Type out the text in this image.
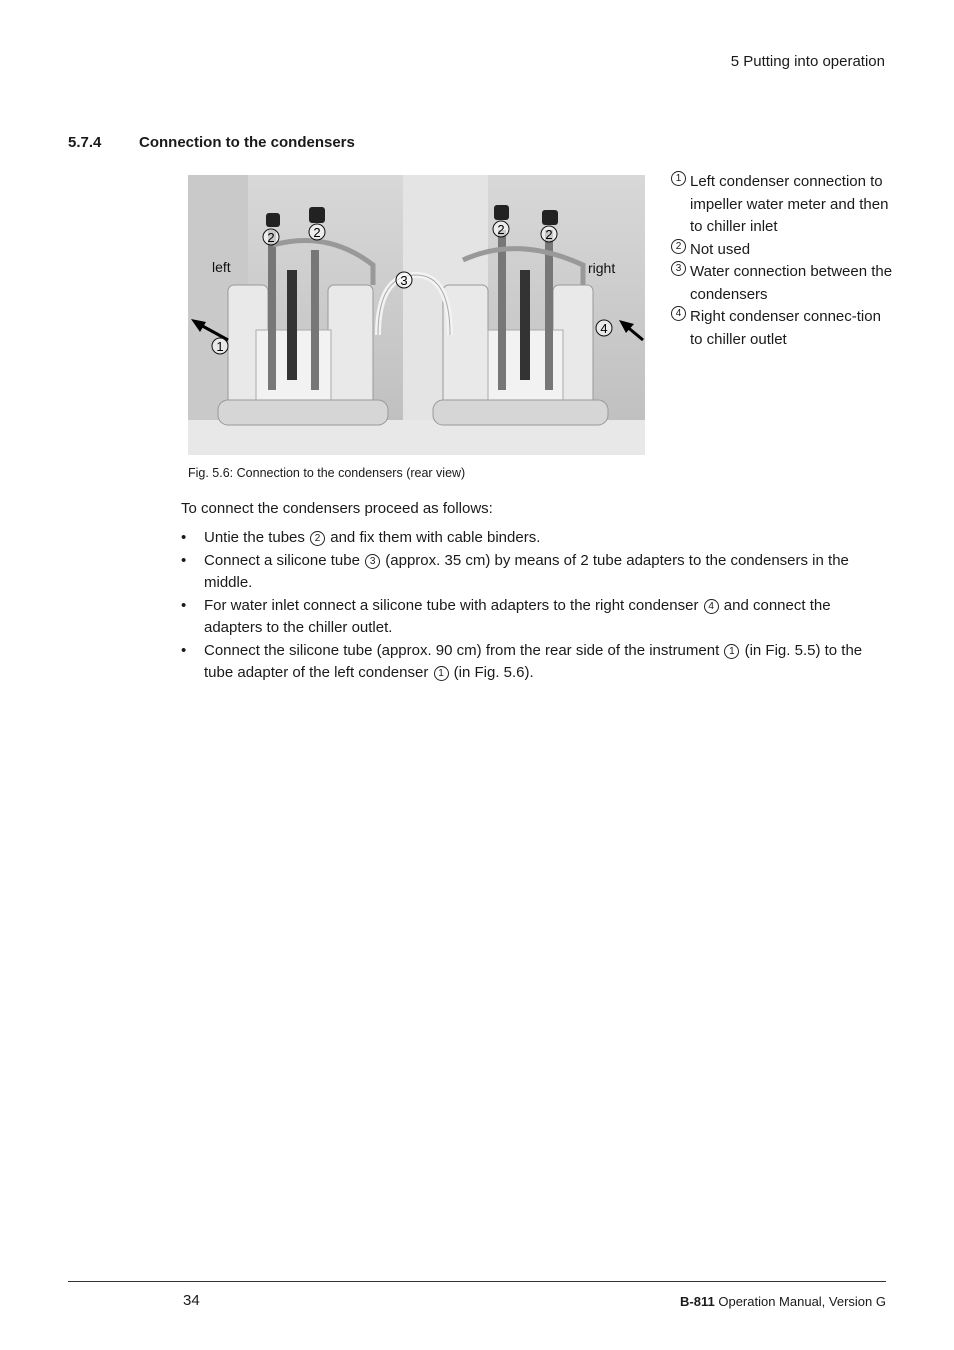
5 Putting into operation
5.7.4	Connection to the condensers
left	right
2	2	2	2
3
1
4
1 Left condenser connection to impeller water meter and then to chiller inlet
2 Not used
3 Water connection between the condensers
4 Right condenser connec-tion to chiller outlet
Fig. 5.6: Connection to the condensers (rear view)
To connect the condensers proceed as follows:
• Untie the tubes 2 and fix them with cable binders.
• Connect a silicone tube 3 (approx. 35 cm) by means of 2 tube adapters to the condensers in the middle.
• For water inlet connect a silicone tube with adapters to the right condenser 4 and connect the adapters to the chiller outlet.
• Connect the silicone tube (approx. 90 cm) from the rear side of the instrument 1 (in Fig. 5.5) to the tube adapter of the left condenser 1 (in Fig. 5.6).
34	B-811 Operation Manual, Version G
